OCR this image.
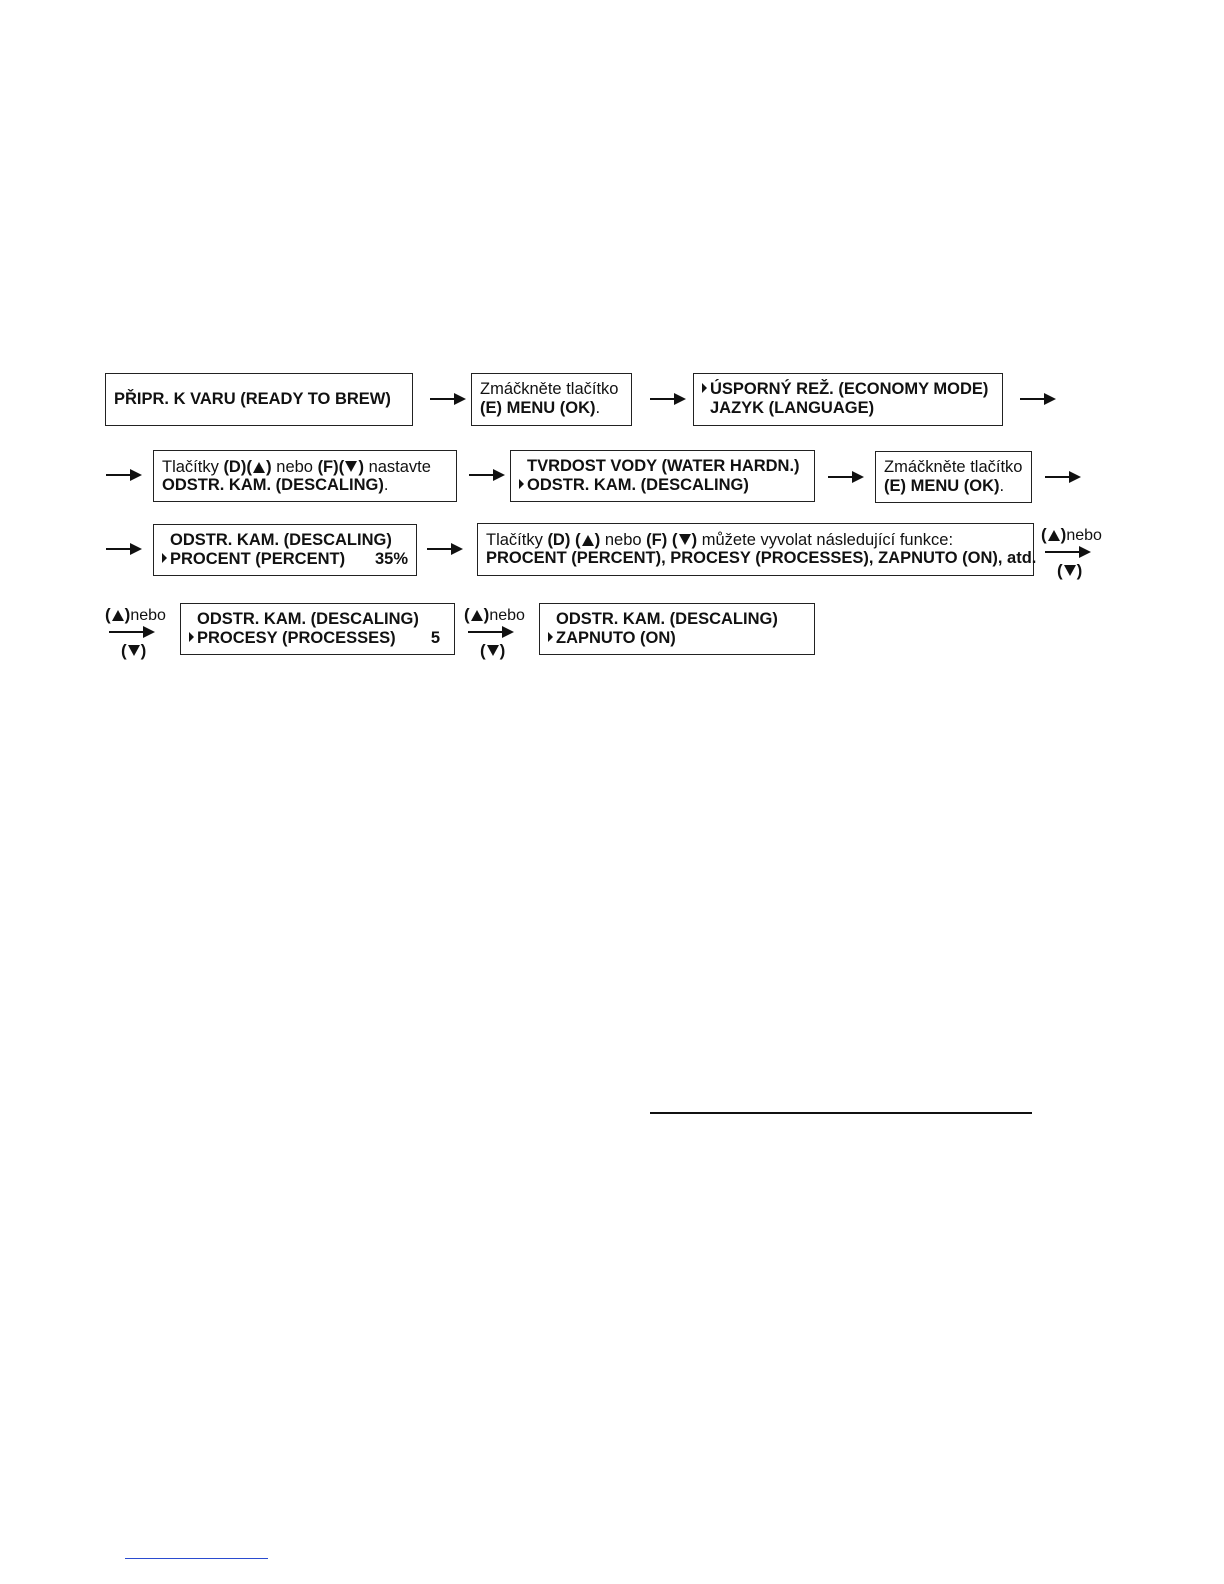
PŘIPR. K VARU (READY TO BREW)
Zmáčkněte tlačítko
(E) MENU (OK).
ÚSPORNÝ REŽ. (ECONOMY MODE)
JAZYK (LANGUAGE)
Tlačítky (D)( ) nebo (F)( ) nastavte
ODSTR. KAM. (DESCALING).
TVRDOST VODY (WATER HARDN.)
ODSTR. KAM. (DESCALING)
Zmáčkněte tlačítko
(E) MENU (OK).
ODSTR. KAM. (DESCALING)
PROCENT (PERCENT) 35%
Tlačítky (D) ( ) nebo (F) ( ) můžete vyvolat následující funkce:
PROCENT (PERCENT), PROCESY (PROCESSES), ZAPNUTO (ON), atd.
( )nebo
( )
( )nebo
( )
ODSTR. KAM. (DESCALING)
PROCESY (PROCESSES) 5
( )nebo
( )
ODSTR. KAM. (DESCALING)
ZAPNUTO (ON)
